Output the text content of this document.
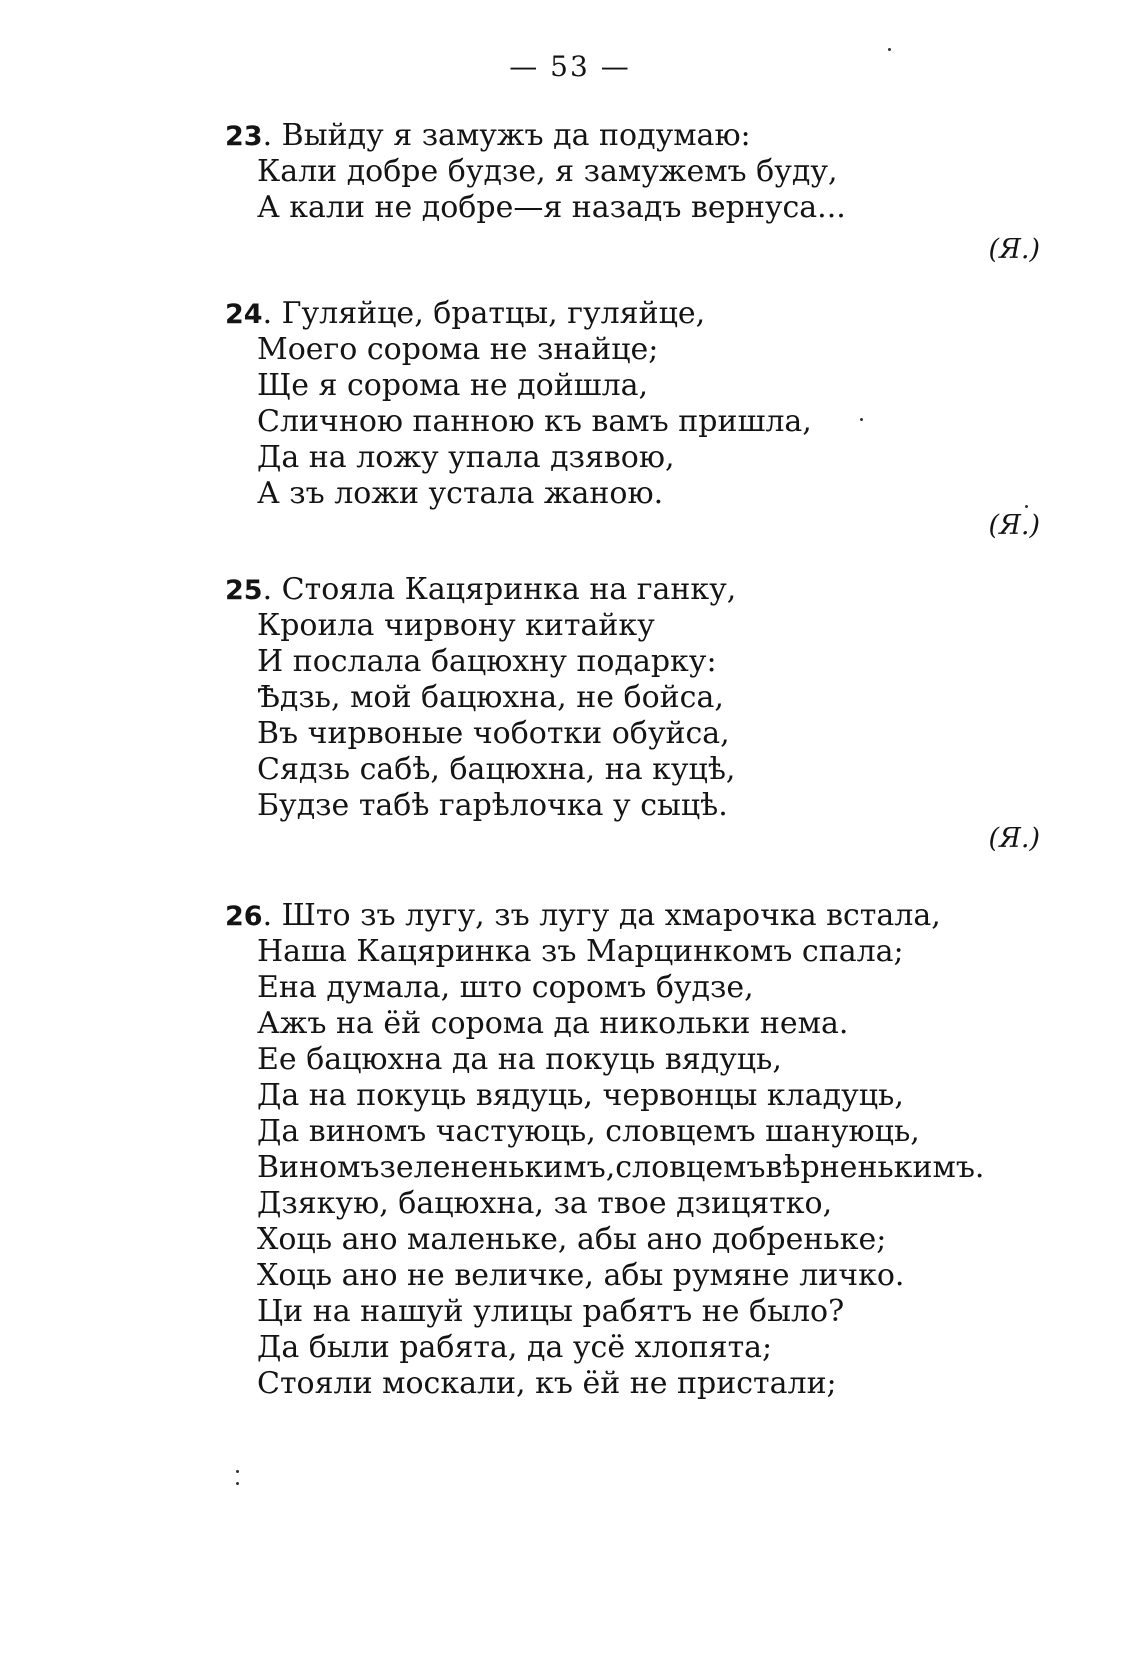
— 53 —
23. Выйду я замужъ да подумаю:
Кали добре будзе, я замужемъ буду,
А кали не добре—я назадъ вернуса...
(Я.)
24. Гуляйце, братцы, гуляйце,
Моего сорома не знайце;
Ще я сорома не дойшла,
Сличною панною къ вамъ пришла,
Да на ложу упала дзявою,
А зъ ложи устала жаною.
(Я.)
25. Стояла Кацяринка на ганку,
Кроила чирвону китайку
И послала бацюхну подарку:
Ѣдзь, мой бацюхна, не бойса,
Въ чирвоные чоботки обуйса,
Сядзь сабѣ, бацюхна, на куцѣ,
Будзе табѣ гарѣлочка у сыцѣ.
(Я.)
26. Што зъ лугу, зъ лугу да хмарочка встала,
Наша Кацяринка зъ Марцинкомъ спала;
Ена думала, што соромъ будзе,
Ажъ на ёй сорома да никольки нема.
Ее бацюхна да на покуць вядуць,
Да на покуць вядуць, червонцы кладуць,
Да виномъ частуюць, словцемъ шануюць,
Виномъзелененькимъ,словцемъвѣрненькимъ.
Дзякую, бацюхна, за твое дзицятко,
Хоць ано маленьке, абы ано добреньке;
Хоць ано не величке, абы румяне личко.
Ци на нашуй улицы рабятъ не было?
Да были рабята, да усё хлопята;
Стояли москали, къ ёй не пристали;
